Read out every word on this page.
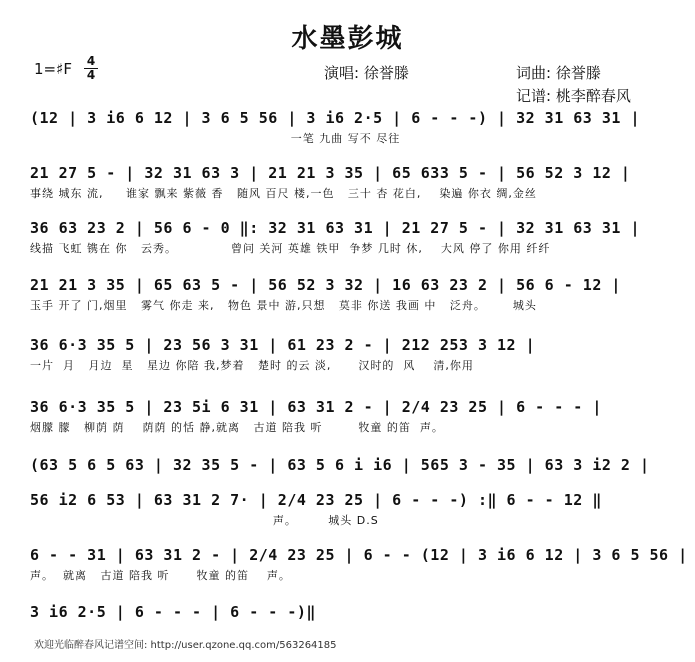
水墨彭城
1=♯F 4
4	演唱: 徐誉滕	词曲: 徐誉滕
记谱: 桃李醉春风
(12 | 3 i6 6 12 | 3 6 5 56 | 3 i6 2·5 | 6 - - -) | 32 31 63 31 |
一笔 九曲 写不 尽往
21 27 5 - | 32 31 63 3 | 21 21 3 35 | 65 633 5 - | 56 52 3 12 |
事绕 城东 流,     谁家 飘来 紫薇 香   随风 百尺 楼,一色   三十 杏 花白,    染遍 你衣 绸,金丝
36 63 23 2 | 56 6 - 0 ‖: 32 31 63 31 | 21 27 5 - | 32 31 63 31 |
线描 飞虹 镌在 你   云秀。            曾问 关河 英雄 铁甲  争梦 几时 休,    大风 停了 你用 纤纤
21 21 3 35 | 65 63 5 - | 56 52 3 32 | 16 63 23 2 | 56 6 - 12 |
玉手 开了 门,烟里   雾气 你走 来,   物色 景中 游,只想   莫非 你送 我画 中   泛舟。      城头
36 6·3 35 5 | 23 56 3 31 | 61 23 2 - | 212 253 3 12 |
一片  月   月边  星   星边 你陪 我,梦着   楚时 的云 淡,      汉时的  风    清,你用
36 6·3 35 5 | 23 5i 6 31 | 63 31 2 - | 2/4 23 25 | 6 - - - |
烟朦 朦   柳荫 荫    荫荫 的恬 静,就离   古道 陪我 听        牧童 的笛  声。
(63 5 6 5 63 | 32 35 5 - | 63 5 6 i i6 | 565 3 - 35 | 63 3 i2 2 |
56 i2 6 53 | 63 31 2 7· | 2/4 23 25 | 6 - - -) :‖ 6 - - 12 ‖
声。       城头 D.S
6 - - 31 | 63 31 2 - | 2/4 23 25 | 6 - - (12 | 3 i6 6 12 | 3 6 5 56 |
声。  就离   古道 陪我 听      牧童 的笛    声。
3 i6 2·5 | 6 - - - | 6 - - -)‖
欢迎光临醉春风记谱空间: http://user.qzone.qq.com/563264185
